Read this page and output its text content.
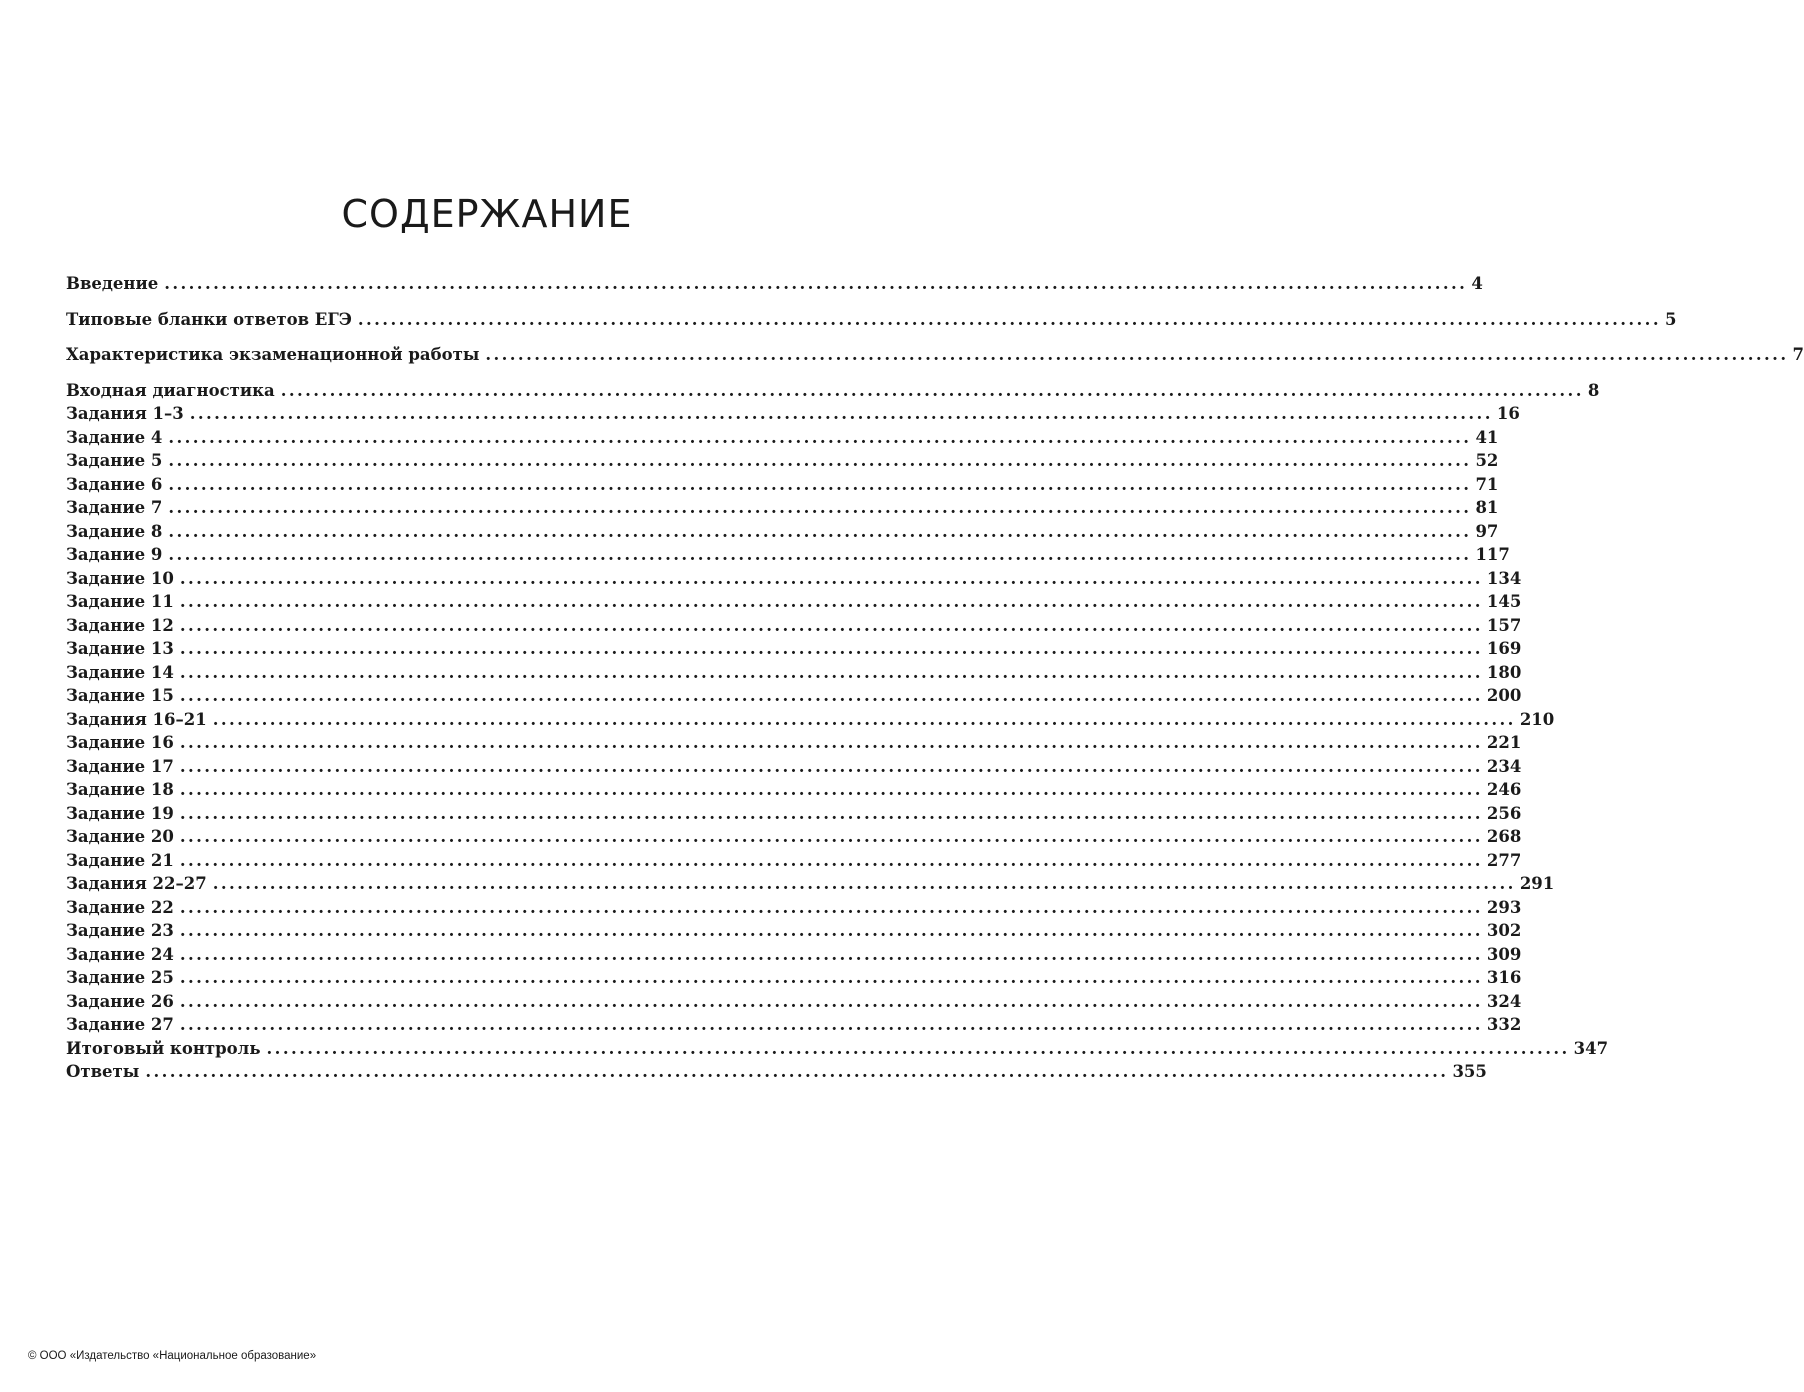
СОДЕРЖАНИЕ
Введение ................................................................................................................................................................ 4
Типовые бланки ответов ЕГЭ ................................................................................................................................................................ 5
Характеристика экзаменационной работы ................................................................................................................................................................ 7
Входная диагностика ................................................................................................................................................................ 8
Задания 1–3 ................................................................................................................................................................ 16
Задание 4 ................................................................................................................................................................ 41
Задание 5 ................................................................................................................................................................ 52
Задание 6 ................................................................................................................................................................ 71
Задание 7 ................................................................................................................................................................ 81
Задание 8 ................................................................................................................................................................ 97
Задание 9 ................................................................................................................................................................ 117
Задание 10 ................................................................................................................................................................ 134
Задание 11 ................................................................................................................................................................ 145
Задание 12 ................................................................................................................................................................ 157
Задание 13 ................................................................................................................................................................ 169
Задание 14 ................................................................................................................................................................ 180
Задание 15 ................................................................................................................................................................ 200
Задания 16–21 ................................................................................................................................................................ 210
Задание 16 ................................................................................................................................................................ 221
Задание 17 ................................................................................................................................................................ 234
Задание 18 ................................................................................................................................................................ 246
Задание 19 ................................................................................................................................................................ 256
Задание 20 ................................................................................................................................................................ 268
Задание 21 ................................................................................................................................................................ 277
Задания 22–27 ................................................................................................................................................................ 291
Задание 22 ................................................................................................................................................................ 293
Задание 23 ................................................................................................................................................................ 302
Задание 24 ................................................................................................................................................................ 309
Задание 25 ................................................................................................................................................................ 316
Задание 26 ................................................................................................................................................................ 324
Задание 27 ................................................................................................................................................................ 332
Итоговый контроль ................................................................................................................................................................ 347
Ответы ................................................................................................................................................................ 355
© ООО «Издательство «Национальное образование»
